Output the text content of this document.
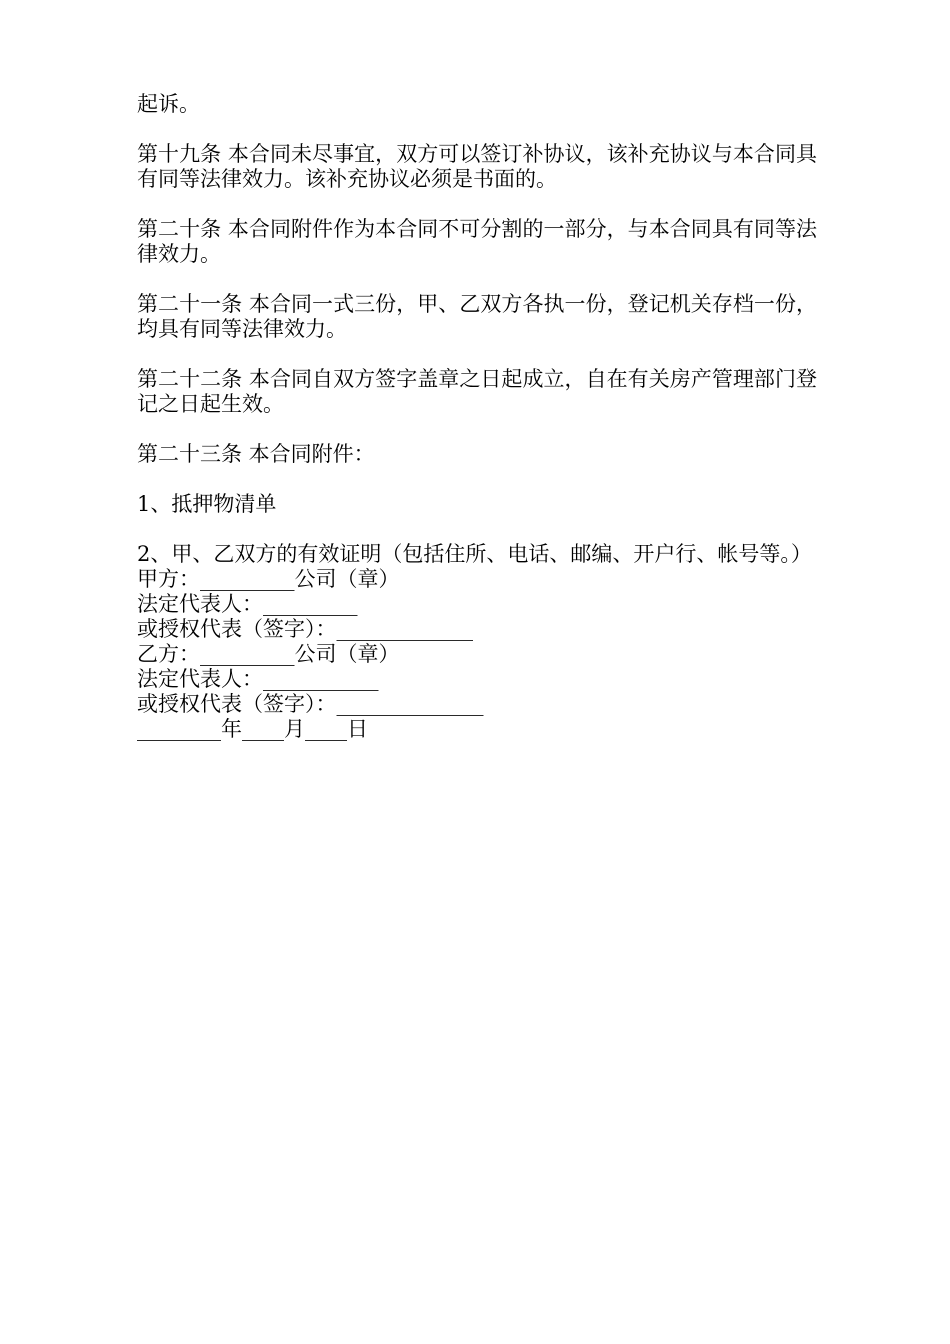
起诉。

第十九条 本合同未尽事宜，双方可以签订补协议，该补充协议与本合同具有同等法律效力。该补充协议必须是书面的。

第二十条 本合同附件作为本合同不可分割的一部分，与本合同具有同等法律效力。

第二十一条 本合同一式三份，甲、乙双方各执一份，登记机关存档一份，均具有同等法律效力。

第二十二条 本合同自双方签字盖章之日起成立，自在有关房产管理部门登记之日起生效。

第二十三条 本合同附件：

1、抵押物清单

2、甲、乙双方的有效证明（包括住所、电话、邮编、开户行、帐号等。）

甲方：_________公司（章）

法定代表人：_________

或授权代表（签字）：_____________

乙方：_________公司（章）

法定代表人：___________

或授权代表（签字）：______________

________年____月____日
